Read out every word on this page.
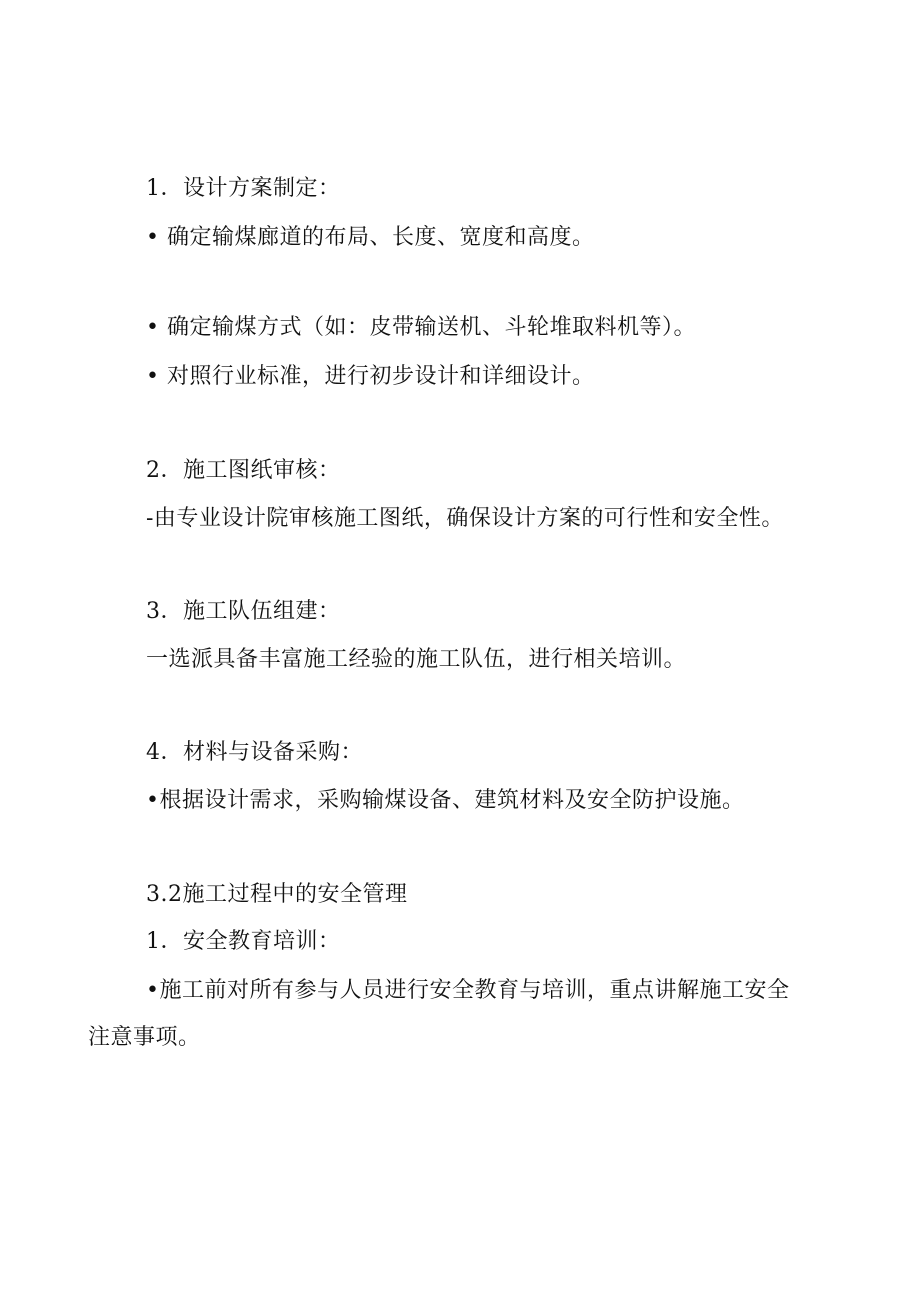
1．设计方案制定：
• 确定输煤廊道的布局、长度、宽度和高度。
• 确定输煤方式（如：皮带输送机、斗轮堆取料机等）。
• 对照行业标准，进行初步设计和详细设计。
2．施工图纸审核：
-由专业设计院审核施工图纸，确保设计方案的可行性和安全性。
3．施工队伍组建：
一选派具备丰富施工经验的施工队伍，进行相关培训。
4．材料与设备采购：
•根据设计需求，采购输煤设备、建筑材料及安全防护设施。
3.2施工过程中的安全管理
1．安全教育培训：
•施工前对所有参与人员进行安全教育与培训，重点讲解施工安全
注意事项。
